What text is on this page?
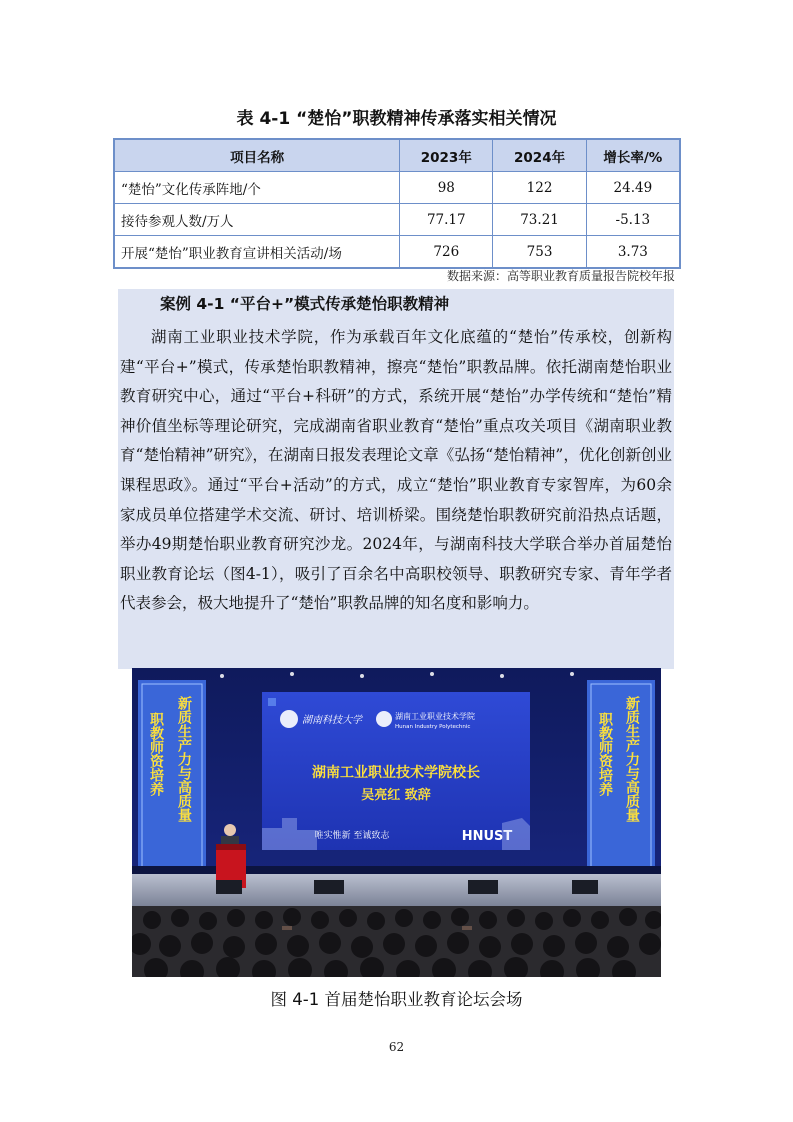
表 4-1 “楚怡”职教精神传承落实相关情况
项目名称	2023年	2024年	增长率/%
“楚怡”文化传承阵地/个	98	122	24.49
接待参观人数/万人	77.17	73.21	-5.13
开展“楚怡”职业教育宣讲相关活动/场	726	753	3.73
数据来源：高等职业教育质量报告院校年报
案例 4-1 “平台+”模式传承楚怡职教精神
湖南工业职业技术学院，作为承载百年文化底蕴的“楚怡”传承校，创新构建“平台+”模式，传承楚怡职教精神，擦亮“楚怡”职教品牌。依托湖南楚怡职业教育研究中心，通过“平台+科研”的方式，系统开展“楚怡”办学传统和“楚怡”精神价值坐标等理论研究，完成湖南省职业教育“楚怡”重点攻关项目《湖南职业教育“楚怡精神”研究》，在湖南日报发表理论文章《弘扬“楚怡精神”，优化创新创业课程思政》。通过“平台+活动”的方式，成立“楚怡”职业教育专家智库，为60余家成员单位搭建学术交流、研讨、培训桥梁。围绕楚怡职教研究前沿热点话题，举办49期楚怡职业教育研究沙龙。2024年，与湖南科技大学联合举办首届楚怡职业教育论坛（图4-1），吸引了百余名中高职校领导、职教研究专家、青年学者代表参会，极大地提升了“楚怡”职教品牌的知名度和影响力。
湖南科技大学	湖南工业职业技术学院
Hunan Industry Polytechnic
湖南工业职业技术学院校长
吴亮红 致辞
唯实惟新 至诚致志	HNUST
新质生产力与高质量
职教师资培养	新质生产力与高质量
职教师资培养
图 4-1 首届楚怡职业教育论坛会场
62
